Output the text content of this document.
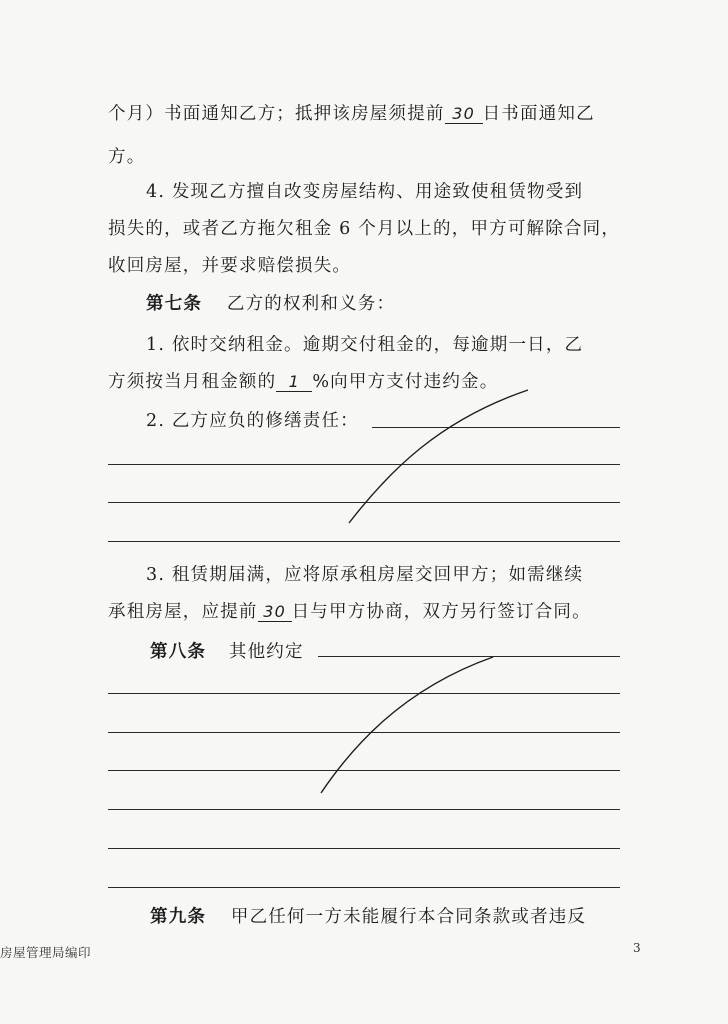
个月）书面通知乙方；抵押该房屋须提前 30 日书面通知乙
方。
4. 发现乙方擅自改变房屋结构、用途致使租赁物受到
损失的，或者乙方拖欠租金 6 个月以上的，甲方可解除合同，
收回房屋，并要求赔偿损失。
第七条 乙方的权利和义务：
1. 依时交纳租金。逾期交付租金的，每逾期一日，乙
方须按当月租金额的 1 %向甲方支付违约金。
2. 乙方应负的修缮责任：
3. 租赁期届满，应将原承租房屋交回甲方；如需继续
承租房屋，应提前 30 日与甲方协商，双方另行签订合同。
第八条 其他约定
第九条 甲乙任何一方未能履行本合同条款或者违反
房屋管理局编印	3
